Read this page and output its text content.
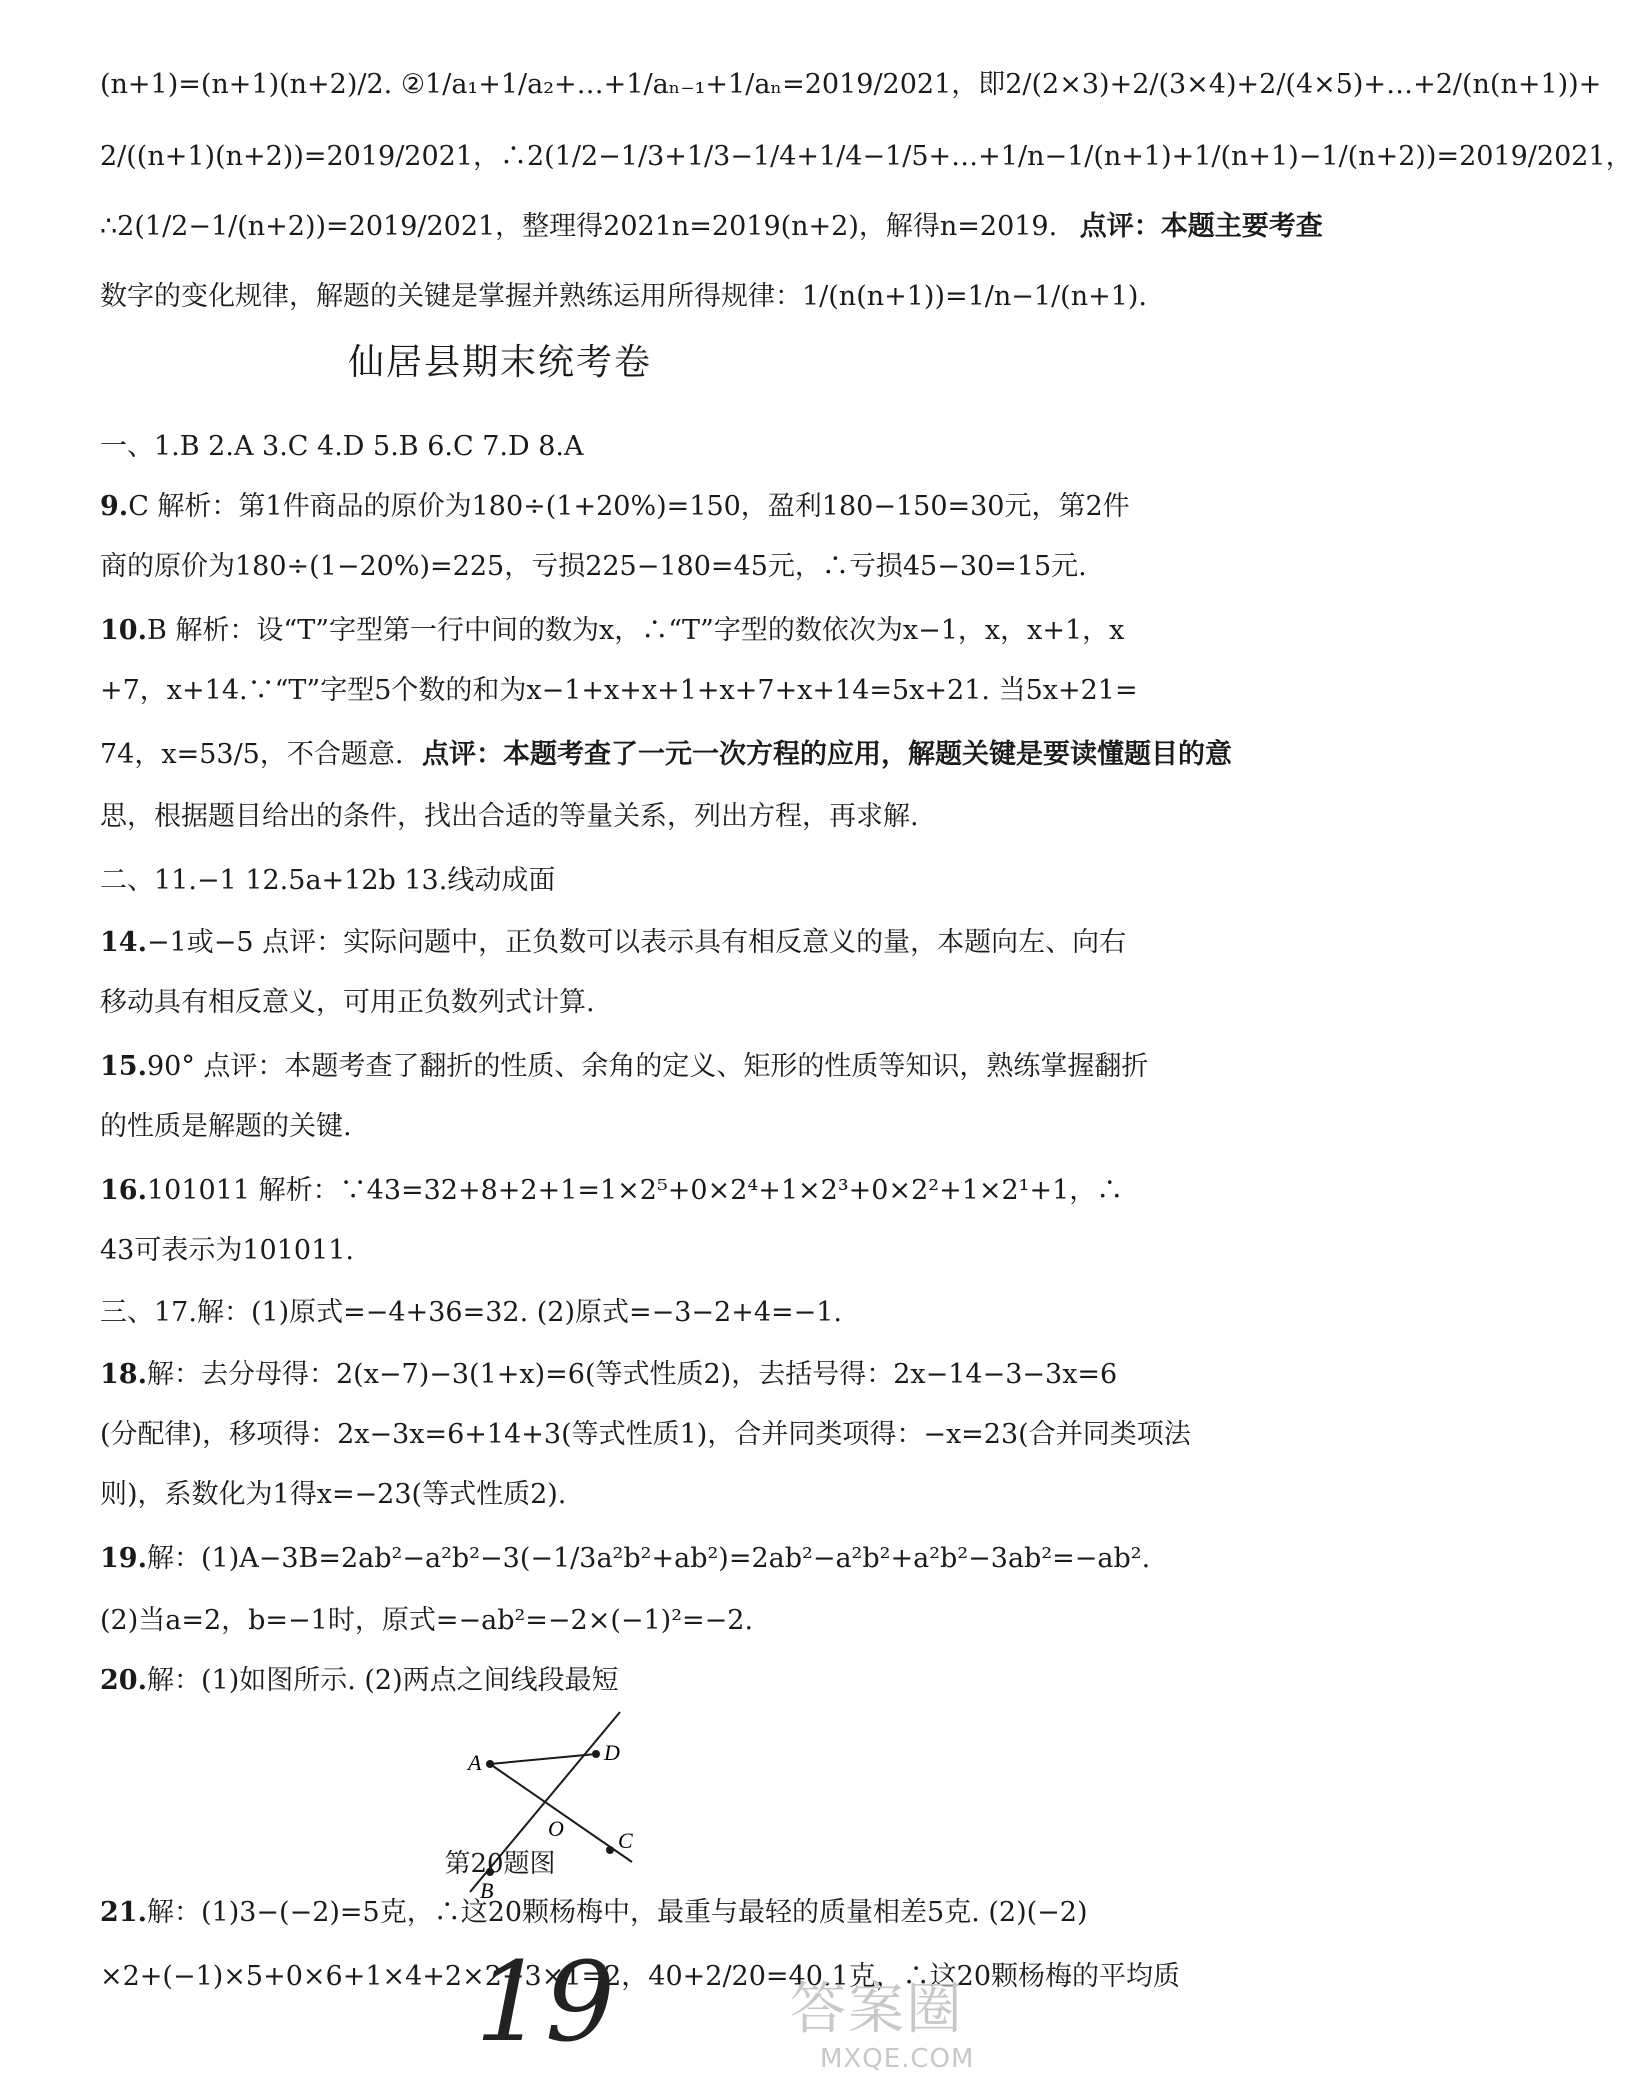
(n+1)=(n+1)(n+2)/2. ②1/a₁+1/a₂+…+1/aₙ₋₁+1/aₙ=2019/2021，即2/(2×3)+2/(3×4)+2/(4×5)+…+2/(n(n+1))+
2/((n+1)(n+2))=2019/2021，∴2(1/2−1/3+1/3−1/4+1/4−1/5+…+1/n−1/(n+1)+1/(n+1)−1/(n+2))=2019/2021，
∴2(1/2−1/(n+2))=2019/2021，整理得2021n=2019(n+2)，解得n=2019. 点评：本题主要考查
数字的变化规律，解题的关键是掌握并熟练运用所得规律：1/(n(n+1))=1/n−1/(n+1).
仙居县期末统考卷
一、1.B 2.A 3.C 4.D 5.B 6.C 7.D 8.A
9.C 解析：第1件商品的原价为180÷(1+20%)=150，盈利180−150=30元，第2件
商的原价为180÷(1−20%)=225，亏损225−180=45元，∴亏损45−30=15元.
10.B 解析：设“T”字型第一行中间的数为x，∴“T”字型的数依次为x−1，x，x+1，x
+7，x+14.∵“T”字型5个数的和为x−1+x+x+1+x+7+x+14=5x+21. 当5x+21=
74，x=53/5，不合题意. 点评：本题考查了一元一次方程的应用，解题关键是要读懂题目的意
思，根据题目给出的条件，找出合适的等量关系，列出方程，再求解.
二、11.−1 12.5a+12b 13.线动成面
14.−1或−5 点评：实际问题中，正负数可以表示具有相反意义的量，本题向左、向右
移动具有相反意义，可用正负数列式计算.
15.90° 点评：本题考查了翻折的性质、余角的定义、矩形的性质等知识，熟练掌握翻折
的性质是解题的关键.
16.101011 解析：∵43=32+8+2+1=1×2⁵+0×2⁴+1×2³+0×2²+1×2¹+1，∴
43可表示为101011.
三、17.解：(1)原式=−4+36=32. (2)原式=−3−2+4=−1.
18.解：去分母得：2(x−7)−3(1+x)=6(等式性质2)，去括号得：2x−14−3−3x=6
(分配律)，移项得：2x−3x=6+14+3(等式性质1)，合并同类项得：−x=23(合并同类项法
则)，系数化为1得x=−23(等式性质2).
A	D
O C
B
第20题图
21.解：(1)3−(−2)=5克，∴这20颗杨梅中，最重与最轻的质量相差5克. (2)(−2)
×2+(−1)×5+0×6+1×4+2×2+3×1=2，40+2/20=40.1克，∴这20颗杨梅的平均质
19	答案圈
MXQE.COM
19.解：(1)A−3B=2ab²−a²b²−3(−1/3a²b²+ab²)=2ab²−a²b²+a²b²−3ab²=−ab².
(2)当a=2，b=−1时，原式=−ab²=−2×(−1)²=−2.
20.解：(1)如图所示. (2)两点之间线段最短
